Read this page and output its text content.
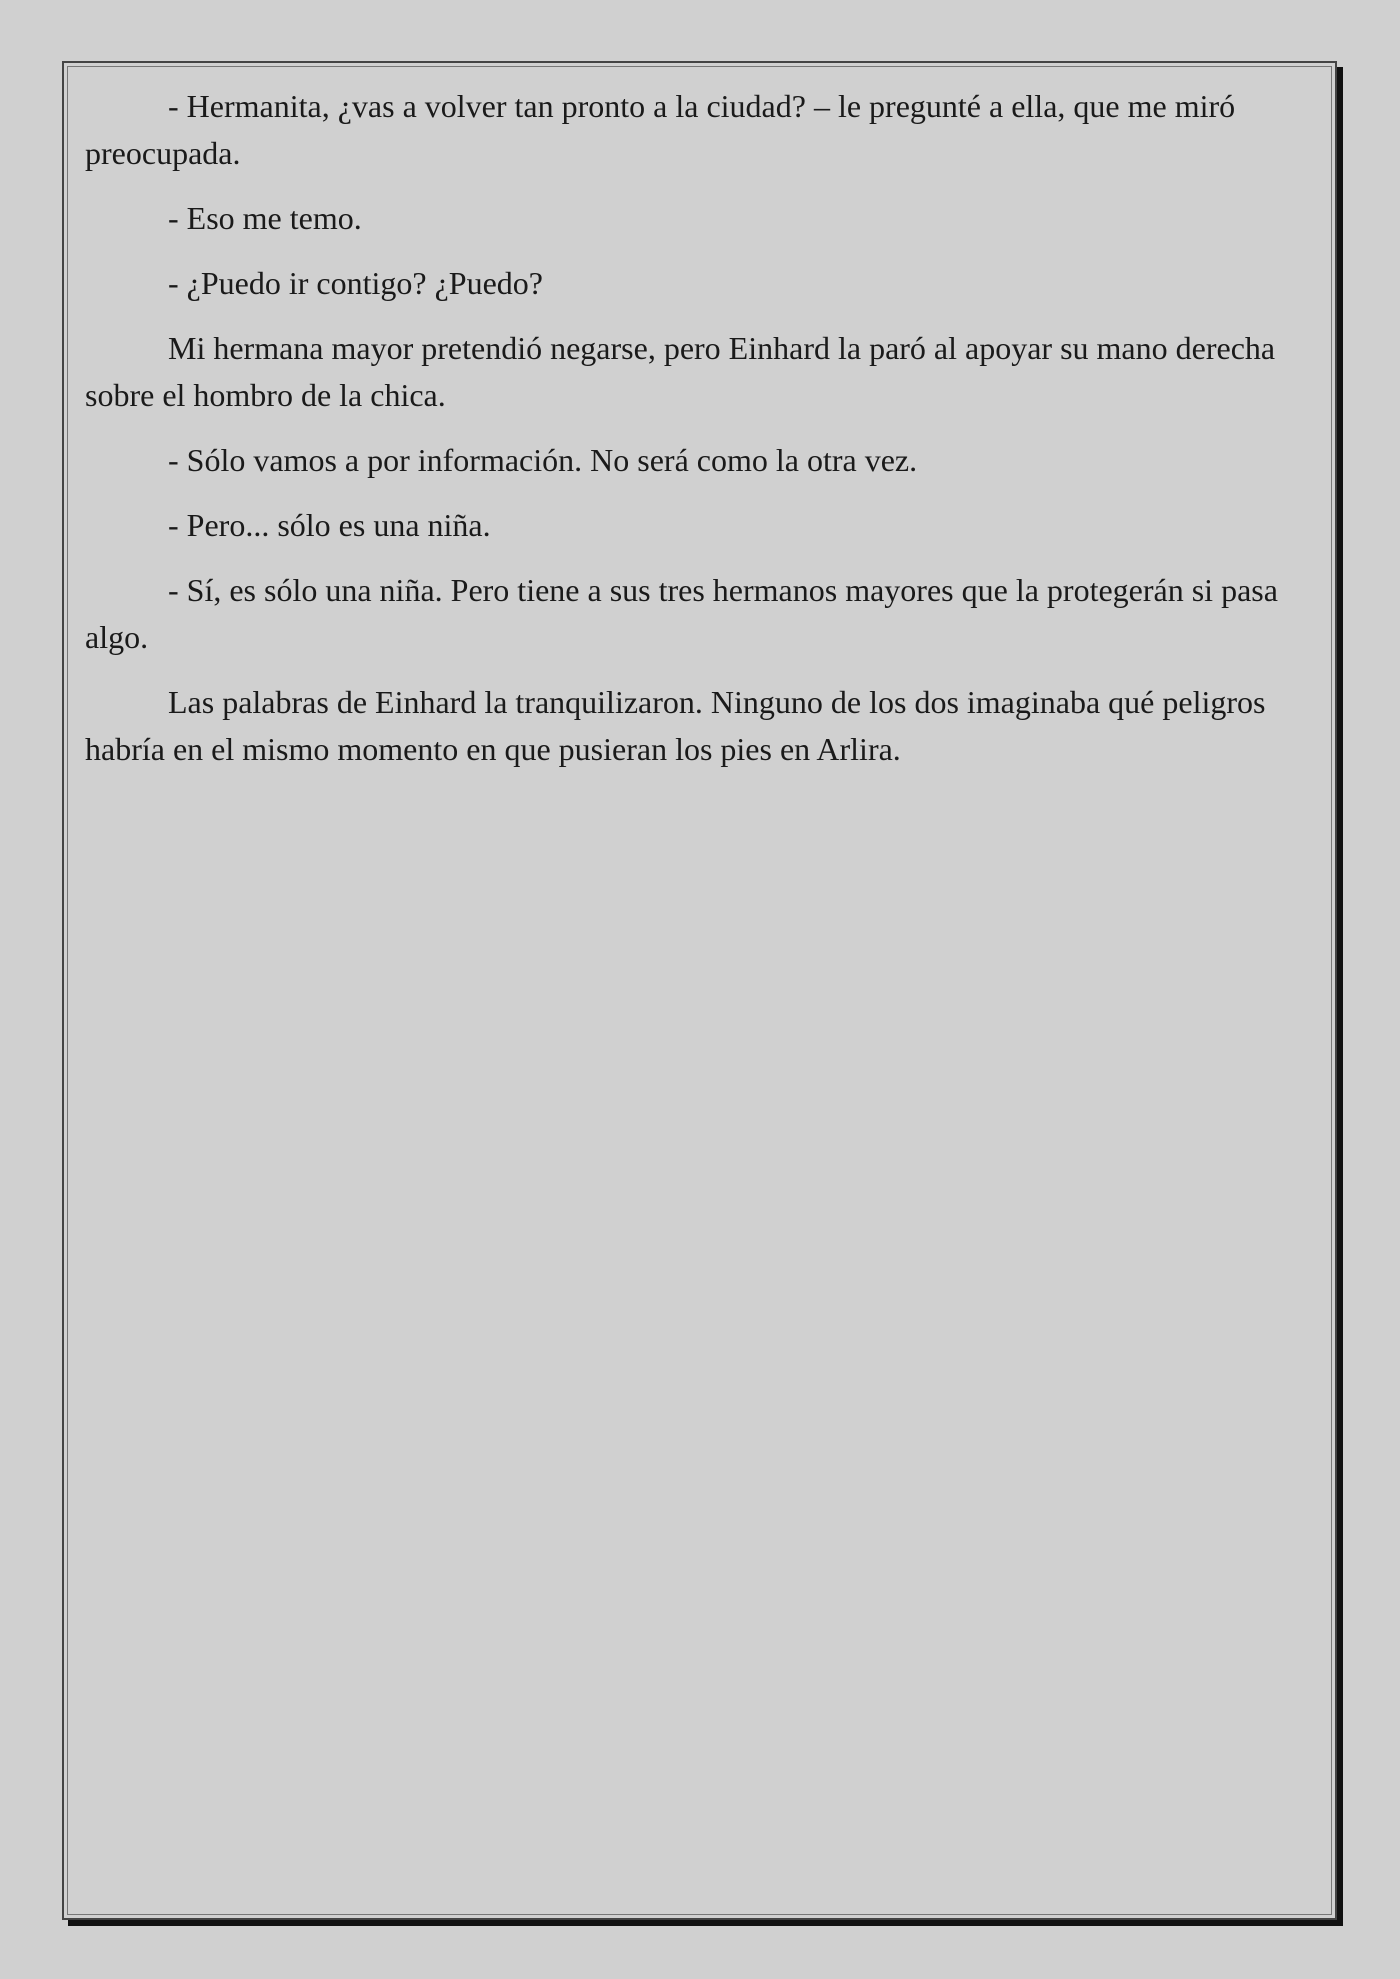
- Hermanita, ¿vas a volver tan pronto a la ciudad? – le pregunté a ella, que me miró preocupada.

- Eso me temo.

- ¿Puedo ir contigo? ¿Puedo?

Mi hermana mayor pretendió negarse, pero Einhard la paró al apoyar su mano derecha sobre el hombro de la chica.

- Sólo vamos a por información. No será como la otra vez.

- Pero... sólo es una niña.

- Sí, es sólo una niña. Pero tiene a sus tres hermanos mayores que la protegerán si pasa algo.

Las palabras de Einhard la tranquilizaron. Ninguno de los dos imaginaba qué peligros habría en el mismo momento en que pusieran los pies en Arlira.
